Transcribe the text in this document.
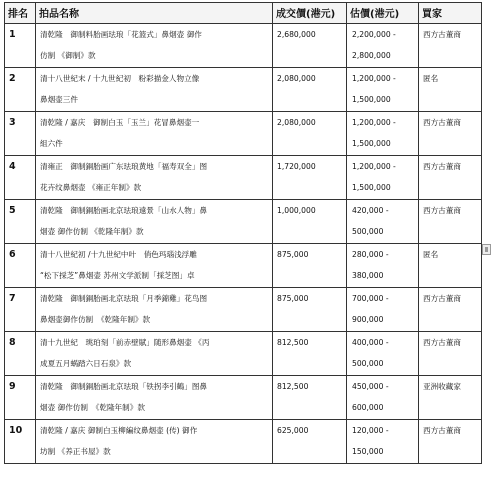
排名	拍品名称	成交價(港元)	估價(港元)	買家

1	清乾隆　御制料胎画珐琅「花篮式」鼻烟壶 御作
仿制 《御制》款	2,680,000	2,200,000 -
2,800,000	西方古董商

2	清十八世紀末 / 十九世紀初　粉彩描金人物立像
鼻烟壶三件	2,080,000	1,200,000 -
1,500,000	匿名

3	清乾隆 / 嘉庆　御制白玉「玉兰」花冒鼻烟壶一
組六件	2,080,000	1,200,000 -
1,500,000	西方古董商

4	清雍正　御制銅胎画广东珐琅黄地「福寿双全」图
花卉纹鼻烟壶 《雍正年制》款	1,720,000	1,200,000 -
1,500,000	西方古董商

5	清乾隆　御制銅胎画北京珐琅遠景「山水人物」鼻
烟壶 御作仿制 《乾隆年制》款	1,000,000	420,000 -
500,000	西方古董商

6	清十八世紀初 /十九世紀中叶　俏色玛瑙浅浮雕
“松下採芝”鼻烟壶 苏州文学派制「採芝图」卓	875,000	280,000 -
380,000	匿名

7	清乾隆　御制銅胎画北京珐琅「月季錦雞」花鸟图
鼻烟壶御作仿制　《乾隆年制》款	875,000	700,000 -
900,000	西方古董商

8	清十九世紀　珧珀刻「前赤壁賦」随形鼻烟壶 《丙
成夏五月蜗踏六日石泉》款	812,500	400,000 -
500,000	西方古董商

9	清乾隆　御制銅胎画北京珐琅「铁拐李引鶴」图鼻
烟壶 御作仿制　《乾隆年制》款	812,500	450,000 -
600,000	亚洲收藏家

10	清乾隆 / 嘉庆 御制白玉柳編纹鼻烟壶 (传) 御作
坊制 《养正书屋》款	625,000	120,000 -
150,000	西方古董商
